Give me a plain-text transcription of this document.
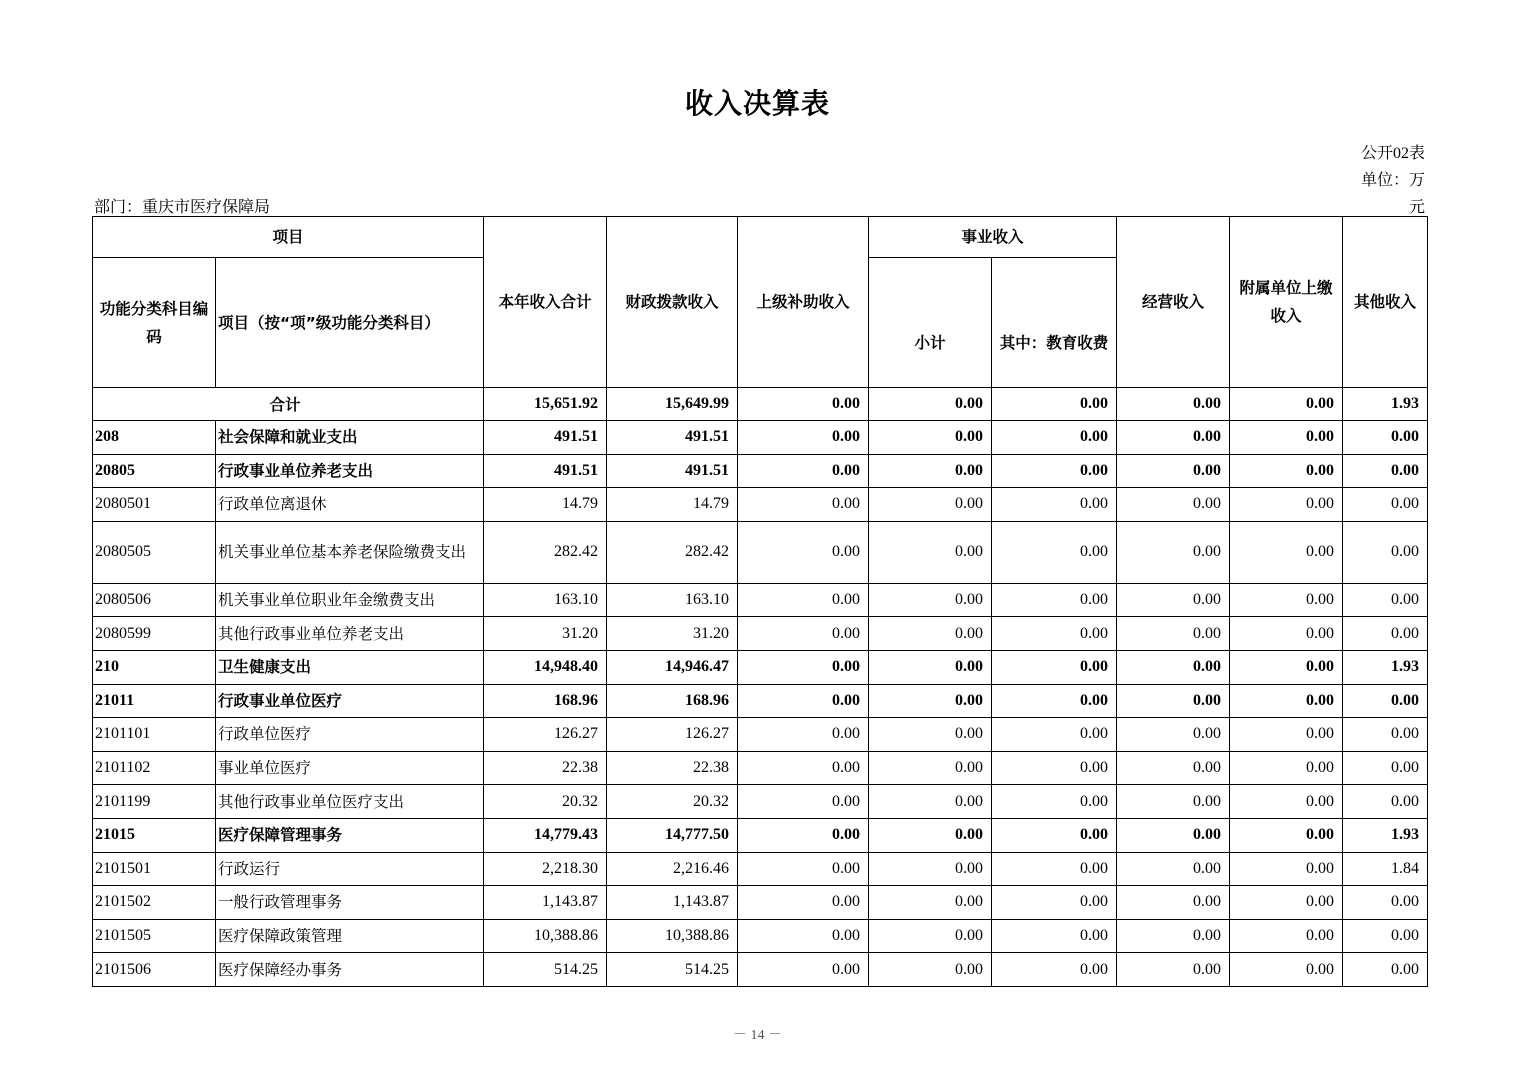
收入决算表
公开02表
单位：万
元
部门：重庆市医疗保障局
项目		本年收入合计	财政拨款收入	上级补助收入	事业收入		经营收入	附属单位上缴收入	其他收入
功能分类科目编码	项目（按“项”级功能分类科目）				小计	其中：教育收费			
合计		15,651.92	15,649.99	0.00	0.00	0.00	0.00	0.00	1.93
208	社会保障和就业支出	491.51	491.51	0.00	0.00	0.00	0.00	0.00	0.00
20805	行政事业单位养老支出	491.51	491.51	0.00	0.00	0.00	0.00	0.00	0.00
2080501	行政单位离退休	14.79	14.79	0.00	0.00	0.00	0.00	0.00	0.00
2080505	机关事业单位基本养老保险缴费支出	282.42	282.42	0.00	0.00	0.00	0.00	0.00	0.00
2080506	机关事业单位职业年金缴费支出	163.10	163.10	0.00	0.00	0.00	0.00	0.00	0.00
2080599	其他行政事业单位养老支出	31.20	31.20	0.00	0.00	0.00	0.00	0.00	0.00
210	卫生健康支出	14,948.40	14,946.47	0.00	0.00	0.00	0.00	0.00	1.93
21011	行政事业单位医疗	168.96	168.96	0.00	0.00	0.00	0.00	0.00	0.00
2101101	行政单位医疗	126.27	126.27	0.00	0.00	0.00	0.00	0.00	0.00
2101102	事业单位医疗	22.38	22.38	0.00	0.00	0.00	0.00	0.00	0.00
2101199	其他行政事业单位医疗支出	20.32	20.32	0.00	0.00	0.00	0.00	0.00	0.00
21015	医疗保障管理事务	14,779.43	14,777.50	0.00	0.00	0.00	0.00	0.00	1.93
2101501	行政运行	2,218.30	2,216.46	0.00	0.00	0.00	0.00	0.00	1.84
2101502	一般行政管理事务	1,143.87	1,143.87	0.00	0.00	0.00	0.00	0.00	0.00
2101505	医疗保障政策管理	10,388.86	10,388.86	0.00	0.00	0.00	0.00	0.00	0.00
2101506	医疗保障经办事务	514.25	514.25	0.00	0.00	0.00	0.00	0.00	0.00
－ 14 －
